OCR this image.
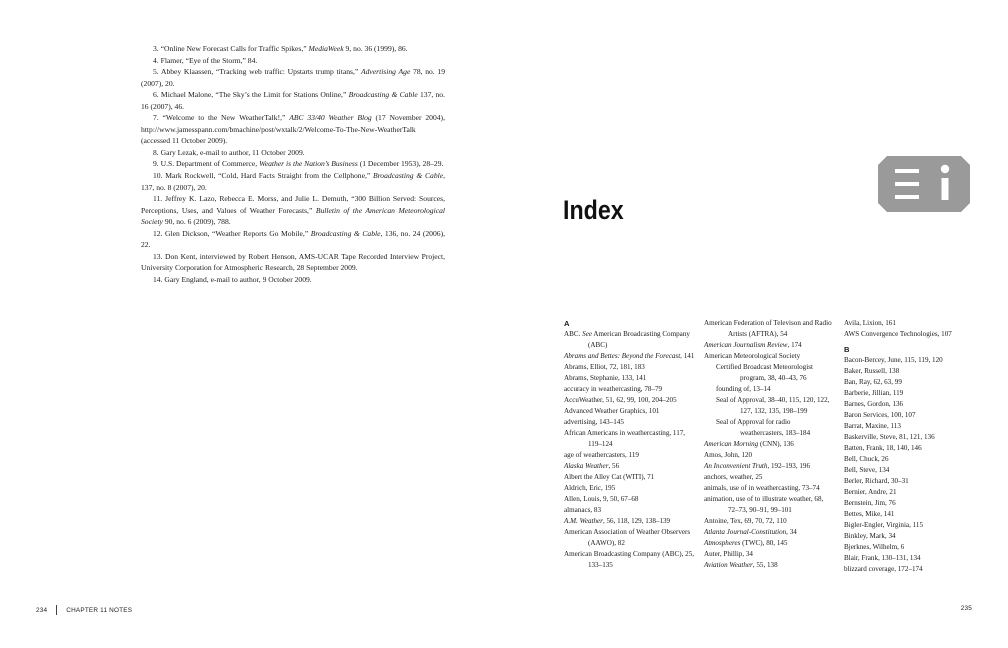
3. “Online New Forecast Calls for Traffic Spikes,” MediaWeek 9, no. 36 (1999), 86.

4. Flamer, “Eye of the Storm,” 84.

5. Abbey Klaassen, “Tracking web traffic: Upstarts trump titans,” Advertising Age 78, no. 19 (2007), 20.

6. Michael Malone, “The Sky’s the Limit for Stations Online,” Broadcasting & Cable 137, no. 16 (2007), 46.

7. “Welcome to the New WeatherTalk!,” ABC 33/40 Weather Blog (17 November 2004), http://www.jamesspann.com/bmachine/post/wxtalk/2/Welcome-To-The-New-WeatherTalk (accessed 11 October 2009).

8. Gary Lezak, e-mail to author, 11 October 2009.

9. U.S. Department of Commerce, Weather is the Nation’s Business (1 December 1953), 28–29.

10. Mark Rockwell, “Cold, Hard Facts Straight from the Cellphone,” Broadcasting & Cable, 137, no. 8 (2007), 20.

11. Jeffrey K. Lazo, Rebecca E. Morss, and Julie L. Demuth, “300 Billion Served: Sources, Perceptions, Uses, and Values of Weather Forecasts,” Bulletin of the American Meteorological Society 90, no. 6 (2009), 788.

12. Glen Dickson, “Weather Reports Go Mobile,” Broadcasting & Cable, 136, no. 24 (2006), 22.

13. Don Kent, interviewed by Robert Henson, AMS-UCAR Tape Recorded Interview Project, University Corporation for Atmospheric Research, 28 September 2009.

14. Gary England, e-mail to author, 9 October 2009.

234	CHAPTER 11 NOTES
Index

A

ABC. See American Broadcasting Company (ABC)

Abrams and Bettes: Beyond the Forecast, 141

Abrams, Elliot, 72, 181, 183

Abrams, Stephanie, 133, 141

accuracy in weathercasting, 78–79

AccuWeather, 51, 62, 99, 100, 204–205

Advanced Weather Graphics, 101

advertising, 143–145

African Americans in weathercasting, 117, 119–124

age of weathercasters, 119

Alaska Weather, 56

Albert the Alley Cat (WITI), 71

Aldrich, Eric, 195

Allen, Louis, 9, 50, 67–68

almanacs, 83

A.M. Weather, 56, 118, 129, 138–139

American Association of Weather Observers (AAWO), 82

American Broadcasting Company (ABC), 25, 133–135

American Federation of Televison and Radio Artists (AFTRA), 54

American Journalism Review, 174

American Meteorological Society

Certified Broadcast Meteorologist program, 38, 40–43, 76

founding of, 13–14

Seal of Approval, 38–40, 115, 120, 122, 127, 132, 135, 198–199

Seal of Approval for radio weathercasters, 183–184

American Morning (CNN), 136

Amos, John, 120

An Inconvenient Truth, 192–193, 196

anchors, weather, 25

animals, use of in weathercasting, 73–74

animation, use of to illustrate weather, 68, 72–73, 90–91, 99–101

Antoine, Tex, 69, 70, 72, 110

Atlanta Journal-Constitution, 34

Atmospheres (TWC), 80, 145

Auter, Phillip, 34

Aviation Weather, 55, 138

Avila, Lixion, 161

AWS Convergence Technologies, 107

B

Bacon-Bercey, June, 115, 119, 120

Baker, Russell, 138

Ban, Ray, 62, 63, 99

Barberie, Jillian, 119

Barnes, Gordon, 136

Baron Services, 100, 107

Barrat, Maxine, 113

Baskerville, Steve, 81, 121, 136

Batten, Frank, 18, 140, 146

Bell, Chuck, 26

Bell, Steve, 134

Berler, Richard, 30–31

Bernier, Andre, 21

Bernstein, Jim, 76

Bettes, Mike, 141

Bigler-Engler, Virginia, 115

Binkley, Mark, 34

Bjerknes, Wilhelm, 6

Blair, Frank, 130–131, 134

blizzard coverage, 172–174

235
